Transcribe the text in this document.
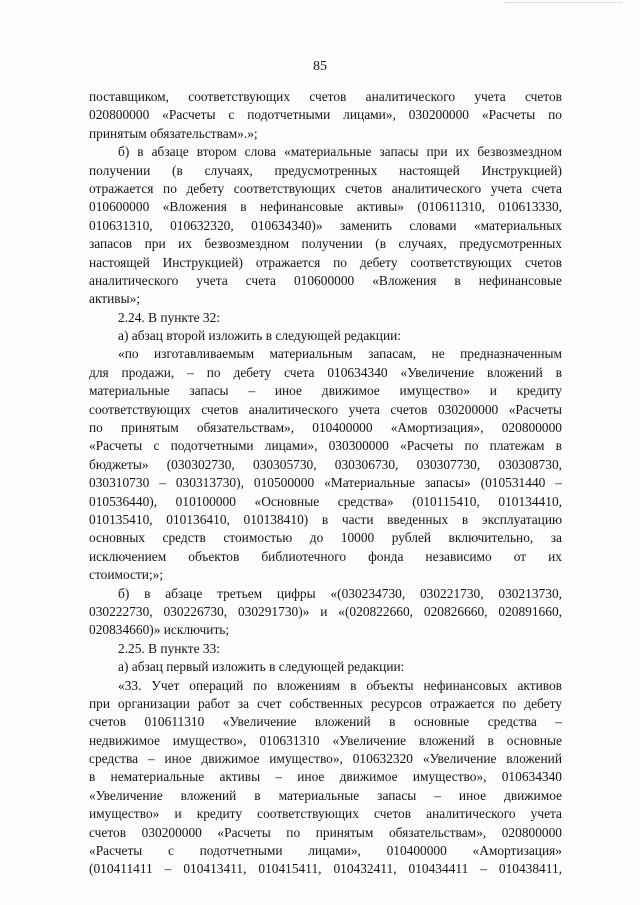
85
поставщиком, соответствующих счетов аналитического учета счетов
020800000 «Расчеты с подотчетными лицами», 030200000 «Расчеты по
принятым обязательствам».»;
б) в абзаце втором слова «материальные запасы при их безвозмездном
получении (в случаях, предусмотренных настоящей Инструкцией)
отражается по дебету соответствующих счетов аналитического учета счета
010600000 «Вложения в нефинансовые активы» (010611310, 010613330,
010631310, 010632320, 010634340)» заменить словами «материальных
запасов при их безвозмездном получении (в случаях, предусмотренных
настоящей Инструкцией) отражается по дебету соответствующих счетов
аналитического учета счета 010600000 «Вложения в нефинансовые
активы»;
2.24. В пункте 32:
а) абзац второй изложить в следующей редакции:
«по изготавливаемым материальным запасам, не предназначенным
для продажи, – по дебету счета 010634340 «Увеличение вложений в
материальные запасы – иное движимое имущество» и кредиту
соответствующих счетов аналитического учета счетов 030200000 «Расчеты
по принятым обязательствам», 010400000 «Амортизация», 020800000
«Расчеты с подотчетными лицами», 030300000 «Расчеты по платежам в
бюджеты» (030302730, 030305730, 030306730, 030307730, 030308730,
030310730 – 030313730), 010500000 «Материальные запасы» (010531440 –
010536440), 010100000 «Основные средства» (010115410, 010134410,
010135410, 010136410, 010138410) в части введенных в эксплуатацию
основных средств стоимостью до 10000 рублей включительно, за
исключением объектов библиотечного фонда независимо от их
стоимости;»;
б) в абзаце третьем цифры «(030234730, 030221730, 030213730,
030222730, 030226730, 030291730)» и «(020822660, 020826660, 020891660,
020834660)» исключить;
2.25. В пункте 33:
а) абзац первый изложить в следующей редакции:
«33. Учет операций по вложениям в объекты нефинансовых активов
при организации работ за счет собственных ресурсов отражается по дебету
счетов 010611310 «Увеличение вложений в основные средства –
недвижимое имущество», 010631310 «Увеличение вложений в основные
средства – иное движимое имущество», 010632320 «Увеличение вложений
в нематериальные активы – иное движимое имущество», 010634340
«Увеличение вложений в материальные запасы – иное движимое
имущество» и кредиту соответствующих счетов аналитического учета
счетов 030200000 «Расчеты по принятым обязательствам», 020800000
«Расчеты с подотчетными лицами», 010400000 «Амортизация»
(010411411 – 010413411, 010415411, 010432411, 010434411 – 010438411,
